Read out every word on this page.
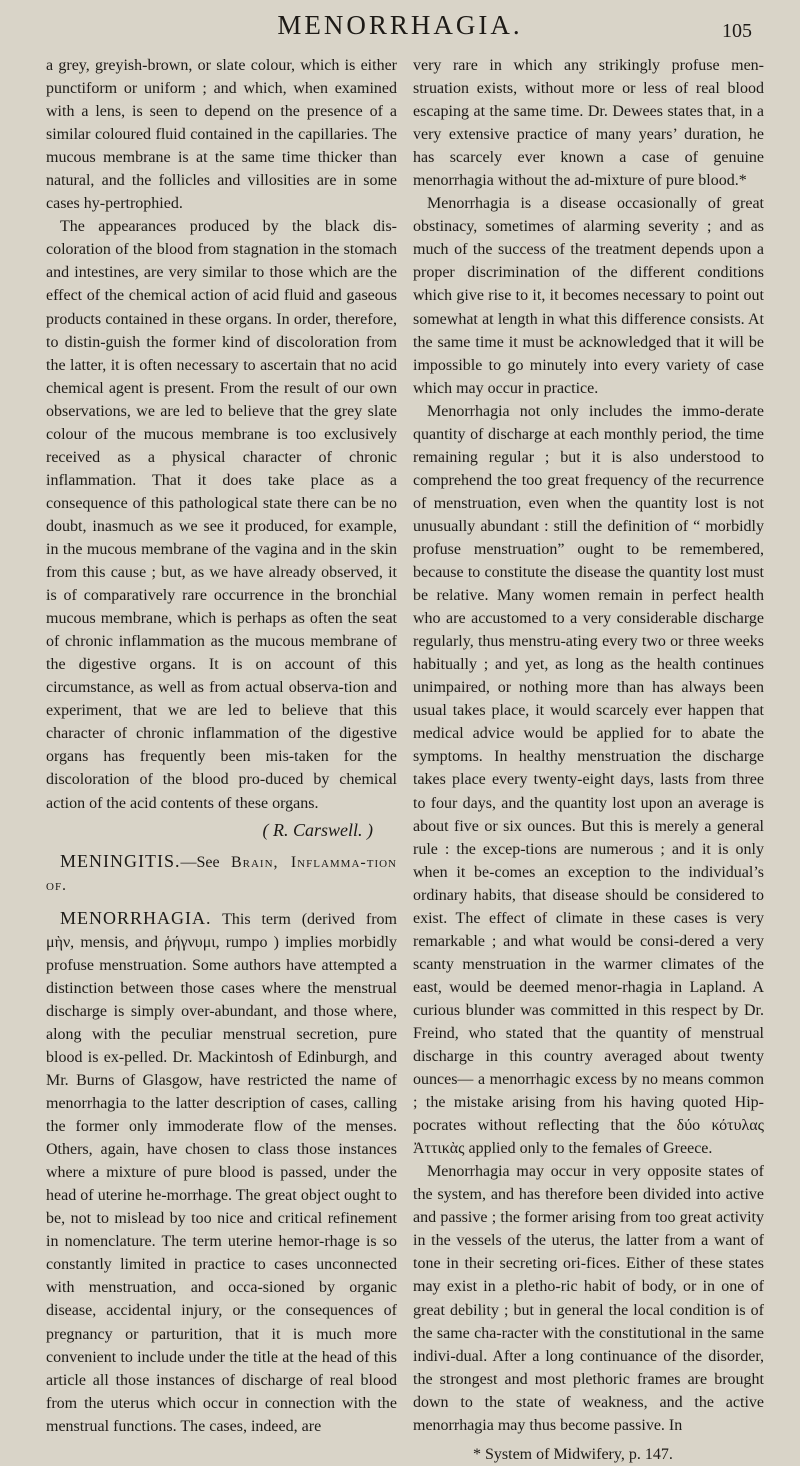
MENORRHAGIA.	105

a grey, greyish-brown, or slate colour, which is either punctiform or uniform ; and which, when examined with a lens, is seen to depend on the presence of a similar coloured fluid contained in the capillaries. The mucous membrane is at the same time thicker than natural, and the follicles and villosities are in some cases hy-pertrophied.

The appearances produced by the black dis-coloration of the blood from stagnation in the stomach and intestines, are very similar to those which are the effect of the chemical action of acid fluid and gaseous products contained in these organs. In order, therefore, to distin-guish the former kind of discoloration from the latter, it is often necessary to ascertain that no acid chemical agent is present. From the result of our own observations, we are led to believe that the grey slate colour of the mucous membrane is too exclusively received as a physical character of chronic inflammation. That it does take place as a consequence of this pathological state there can be no doubt, inasmuch as we see it produced, for example, in the mucous membrane of the vagina and in the skin from this cause ; but, as we have already observed, it is of comparatively rare occurrence in the bronchial mucous membrane, which is perhaps as often the seat of chronic inflammation as the mucous membrane of the digestive organs. It is on account of this circumstance, as well as from actual observa-tion and experiment, that we are led to believe that this character of chronic inflammation of the digestive organs has frequently been mis-taken for the discoloration of the blood pro-duced by chemical action of the acid contents of these organs.

( R. Carswell. )

MENINGITIS.—See Brain, Inflamma-tion of.

MENORRHAGIA. This term (derived from μὴν, mensis, and ῥήγνυμι, rumpo ) implies morbidly profuse menstruation. Some authors have attempted a distinction between those cases where the menstrual discharge is simply over-abundant, and those where, along with the peculiar menstrual secretion, pure blood is ex-pelled. Dr. Mackintosh of Edinburgh, and Mr. Burns of Glasgow, have restricted the name of menorrhagia to the latter description of cases, calling the former only immoderate flow of the menses. Others, again, have chosen to class those instances where a mixture of pure blood is passed, under the head of uterine he-morrhage. The great object ought to be, not to mislead by too nice and critical refinement in nomenclature. The term uterine hemor-rhage is so constantly limited in practice to cases unconnected with menstruation, and occa-sioned by organic disease, accidental injury, or the consequences of pregnancy or parturition, that it is much more convenient to include under the title at the head of this article all those instances of discharge of real blood from the uterus which occur in connection with the menstrual functions. The cases, indeed, are

very rare in which any strikingly profuse men-struation exists, without more or less of real blood escaping at the same time. Dr. Dewees states that, in a very extensive practice of many years’ duration, he has scarcely ever known a case of genuine menorrhagia without the ad-mixture of pure blood.*

Menorrhagia is a disease occasionally of great obstinacy, sometimes of alarming severity ; and as much of the success of the treatment depends upon a proper discrimination of the different conditions which give rise to it, it becomes necessary to point out somewhat at length in what this difference consists. At the same time it must be acknowledged that it will be impossible to go minutely into every variety of case which may occur in practice.

Menorrhagia not only includes the immo-derate quantity of discharge at each monthly period, the time remaining regular ; but it is also understood to comprehend the too great frequency of the recurrence of menstruation, even when the quantity lost is not unusually abundant : still the definition of “ morbidly profuse menstruation” ought to be remembered, because to constitute the disease the quantity lost must be relative. Many women remain in perfect health who are accustomed to a very considerable discharge regularly, thus menstru-ating every two or three weeks habitually ; and yet, as long as the health continues unimpaired, or nothing more than has always been usual takes place, it would scarcely ever happen that medical advice would be applied for to abate the symptoms. In healthy menstruation the discharge takes place every twenty-eight days, lasts from three to four days, and the quantity lost upon an average is about five or six ounces. But this is merely a general rule : the excep-tions are numerous ; and it is only when it be-comes an exception to the individual’s ordinary habits, that disease should be considered to exist. The effect of climate in these cases is very remarkable ; and what would be consi-dered a very scanty menstruation in the warmer climates of the east, would be deemed menor-rhagia in Lapland. A curious blunder was committed in this respect by Dr. Freind, who stated that the quantity of menstrual discharge in this country averaged about twenty ounces— a menorrhagic excess by no means common ; the mistake arising from his having quoted Hip-pocrates without reflecting that the δύο κότυλας Ἀττικὰς applied only to the females of Greece.

Menorrhagia may occur in very opposite states of the system, and has therefore been divided into active and passive ; the former arising from too great activity in the vessels of the uterus, the latter from a want of tone in their secreting ori-fices. Either of these states may exist in a pletho-ric habit of body, or in one of great debility ; but in general the local condition is of the same cha-racter with the constitutional in the same indivi-dual. After a long continuance of the disorder, the strongest and most plethoric frames are brought down to the state of weakness, and the active menorrhagia may thus become passive. In

* System of Midwifery, p. 147.
